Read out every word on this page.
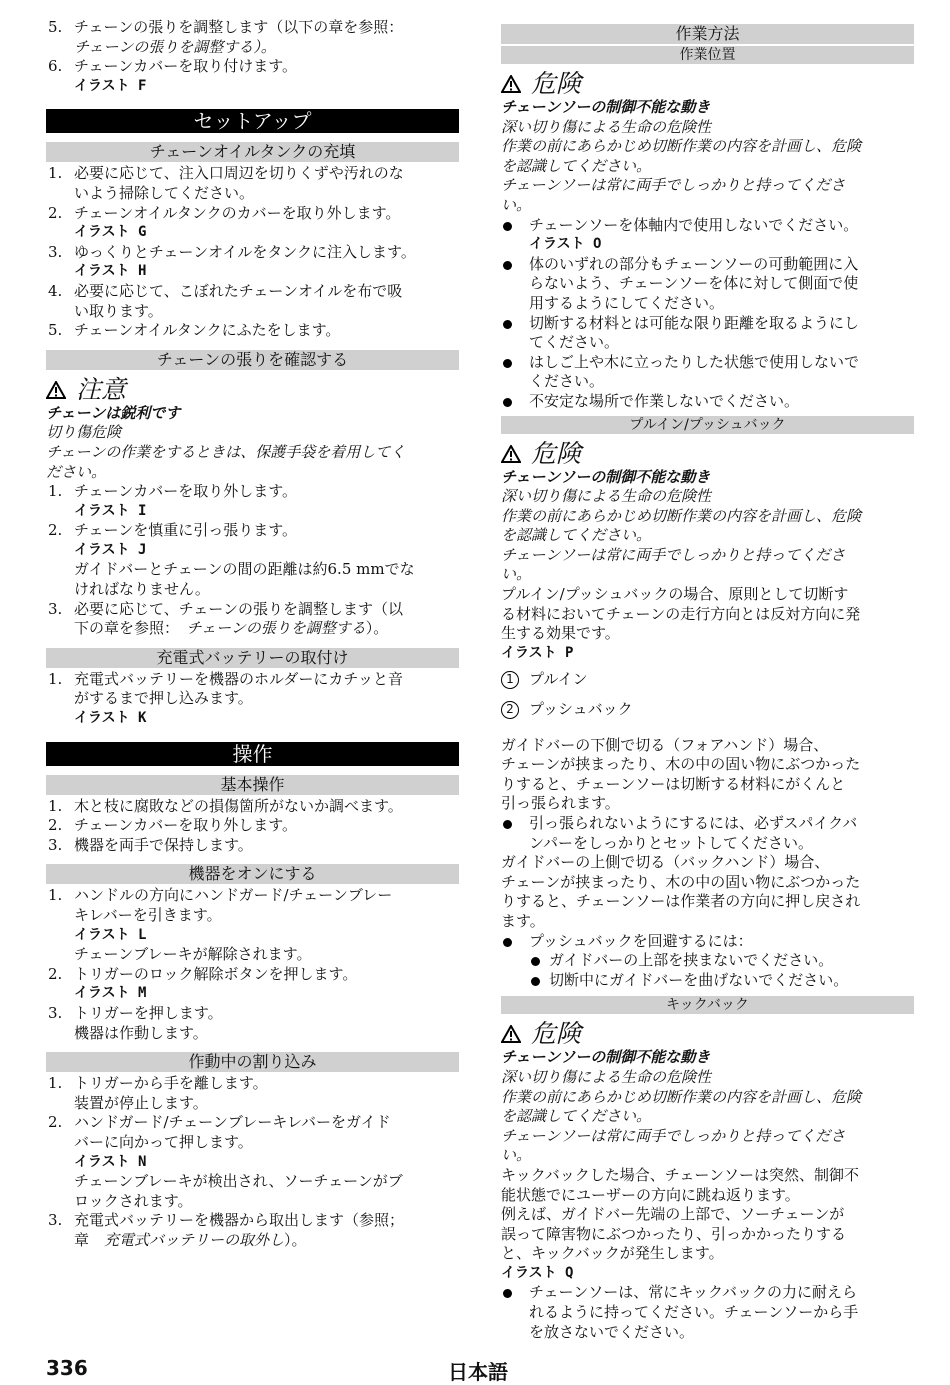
5. チェーンの張りを調整します（以下の章を参照：
チェーンの張りを調整する）。
6. チェーンカバーを取り付けます。
イラスト F
セットアップ
チェーンオイルタンクの充填
1. 必要に応じて、注入口周辺を切りくずや汚れのな
いよう掃除してください。
2. チェーンオイルタンクのカバーを取り外します。
イラスト G
3. ゆっくりとチェーンオイルをタンクに注入します。
イラスト H
4. 必要に応じて、こぼれたチェーンオイルを布で吸
い取ります。
5. チェーンオイルタンクにふたをします。
チェーンの張りを確認する
注意
チェーンは鋭利です
切り傷危険
チェーンの作業をするときは、保護手袋を着用してく
ださい。
1. チェーンカバーを取り外します。
イラスト I
2. チェーンを慎重に引っ張ります。
イラスト J
ガイドバーとチェーンの間の距離は約6.5 mmでな
ければなりません。
3. 必要に応じて、チェーンの張りを調整します（以
下の章を参照：　チェーンの張りを調整する）。
充電式バッテリーの取付け
1. 充電式バッテリーを機器のホルダーにカチッと音
がするまで押し込みます。
イラスト K
操作
基本操作
1. 木と枝に腐敗などの損傷箇所がないか調べます。
2. チェーンカバーを取り外します。
3. 機器を両手で保持します。
機器をオンにする
1. ハンドルの方向にハンドガード/チェーンブレー
キレバーを引きます。
イラスト L
チェーンブレーキが解除されます。
2. トリガーのロック解除ボタンを押します。
イラスト M
3. トリガーを押します。
機器は作動します。
作動中の割り込み
1. トリガーから手を離します。
装置が停止します。
2. ハンドガード/チェーンブレーキレバーをガイド
バーに向かって押します。
イラスト N
チェーンブレーキが検出され、ソーチェーンがブ
ロックされます。
3. 充電式バッテリーを機器から取出します（参照；
章　充電式バッテリーの取外し）。
作業方法
作業位置
危険
チェーンソーの制御不能な動き
深い切り傷による生命の危険性
作業の前にあらかじめ切断作業の内容を計画し、危険
を認識してください。
チェーンソーは常に両手でしっかりと持ってくださ
い。
チェーンソーを体軸内で使用しないでください。
イラスト O
体のいずれの部分もチェーンソーの可動範囲に入
らないよう、チェーンソーを体に対して側面で使
用するようにしてください。
切断する材料とは可能な限り距離を取るようにし
てください。
はしご上や木に立ったりした状態で使用しないで
ください。
不安定な場所で作業しないでください。
プルイン/プッシュバック
危険
チェーンソーの制御不能な動き
深い切り傷による生命の危険性
作業の前にあらかじめ切断作業の内容を計画し、危険
を認識してください。
チェーンソーは常に両手でしっかりと持ってくださ
い。
プルイン/プッシュバックの場合、原則として切断す
る材料においてチェーンの走行方向とは反対方向に発
生する効果です。
イラスト P
1	プルイン
2	プッシュバック
ガイドバーの下側で切る（フォアハンド）場合、
チェーンが挟まったり、木の中の固い物にぶつかった
りすると、チェーンソーは切断する材料にがくんと
引っ張られます。
引っ張られないようにするには、必ずスパイクバ
ンパーをしっかりとセットしてください。
ガイドバーの上側で切る（バックハンド）場合、
チェーンが挟まったり、木の中の固い物にぶつかった
りすると、チェーンソーは作業者の方向に押し戻され
ます。
プッシュバックを回避するには：
ガイドバーの上部を挟まないでください。
切断中にガイドバーを曲げないでください。
キックバック
危険
チェーンソーの制御不能な動き
深い切り傷による生命の危険性
作業の前にあらかじめ切断作業の内容を計画し、危険
を認識してください。
チェーンソーは常に両手でしっかりと持ってくださ
い。
キックバックした場合、チェーンソーは突然、制御不
能状態でにユーザーの方向に跳ね返ります。
例えば、ガイドバー先端の上部で、ソーチェーンが
誤って障害物にぶつかったり、引っかかったりする
と、キックバックが発生します。
イラスト Q
チェーンソーは、常にキックバックの力に耐えら
れるように持ってください。チェーンソーから手
を放さないでください。
336	日本語
